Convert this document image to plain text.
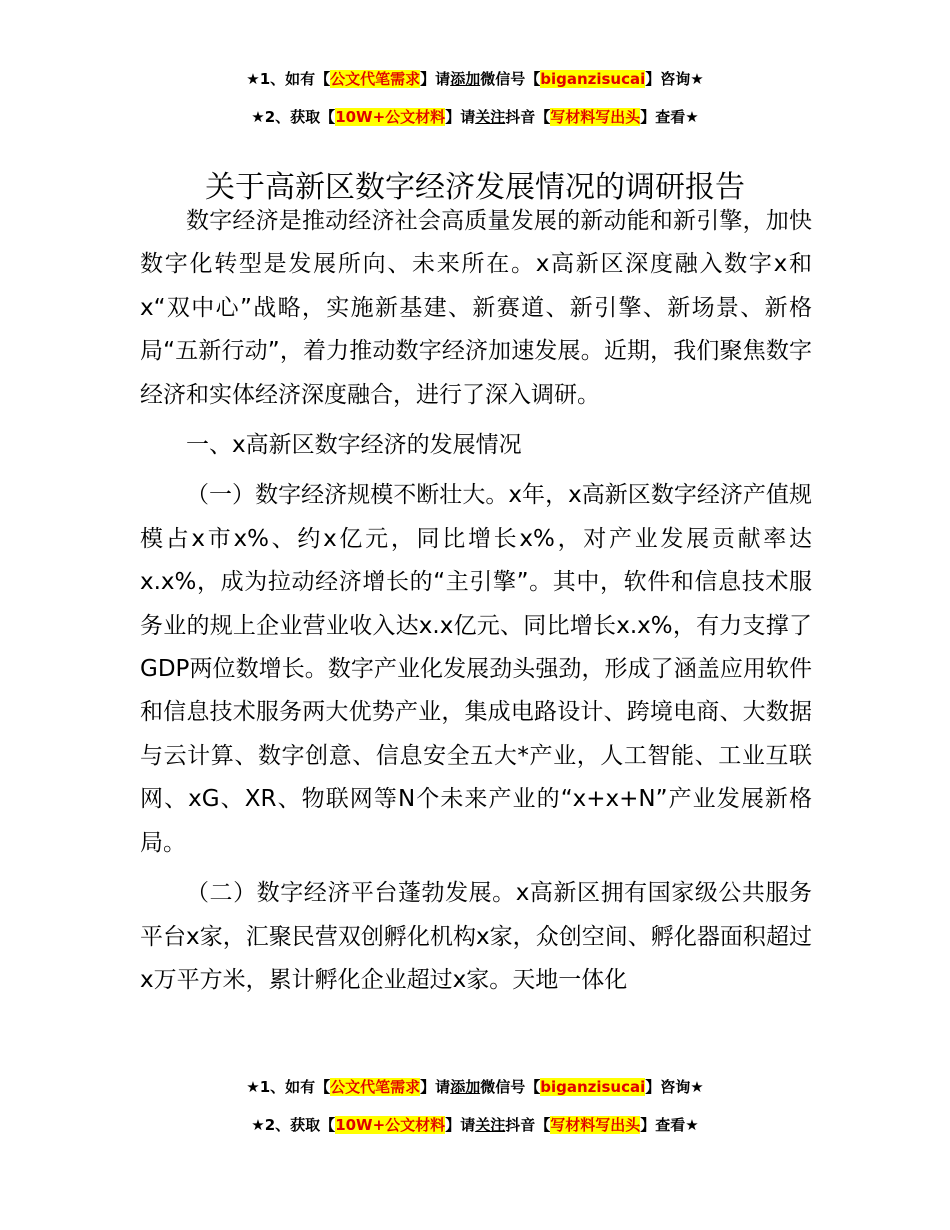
★1、如有【公文代笔需求】请添加微信号【biganzisucai】咨询★
★2、获取【10W+公文材料】请关注抖音【写材料写出头】查看★
关于高新区数字经济发展情况的调研报告

数字经济是推动经济社会高质量发展的新动能和新引擎，加快数字化转型是发展所向、未来所在。x高新区深度融入数字x和x“双中心”战略，实施新基建、新赛道、新引擎、新场景、新格局“五新行动”，着力推动数字经济加速发展。近期，我们聚焦数字经济和实体经济深度融合，进行了深入调研。

一、x高新区数字经济的发展情况

（一）数字经济规模不断壮大。x年，x高新区数字经济产值规模占x市x%、约x亿元，同比增长x%，对产业发展贡献率达x.x%，成为拉动经济增长的“主引擎”。其中，软件和信息技术服务业的规上企业营业收入达x.x亿元、同比增长x.x%，有力支撑了GDP两位数增长。数字产业化发展劲头强劲，形成了涵盖应用软件和信息技术服务两大优势产业，集成电路设计、跨境电商、大数据与云计算、数字创意、信息安全五大*产业，人工智能、工业互联网、xG、XR、物联网等N个未来产业的“x+x+N”产业发展新格局。

（二）数字经济平台蓬勃发展。x高新区拥有国家级公共服务平台x家，汇聚民营双创孵化机构x家，众创空间、孵化器面积超过x万平方米，累计孵化企业超过x家。天地一体化

★1、如有【公文代笔需求】请添加微信号【biganzisucai】咨询★
★2、获取【10W+公文材料】请关注抖音【写材料写出头】查看★
